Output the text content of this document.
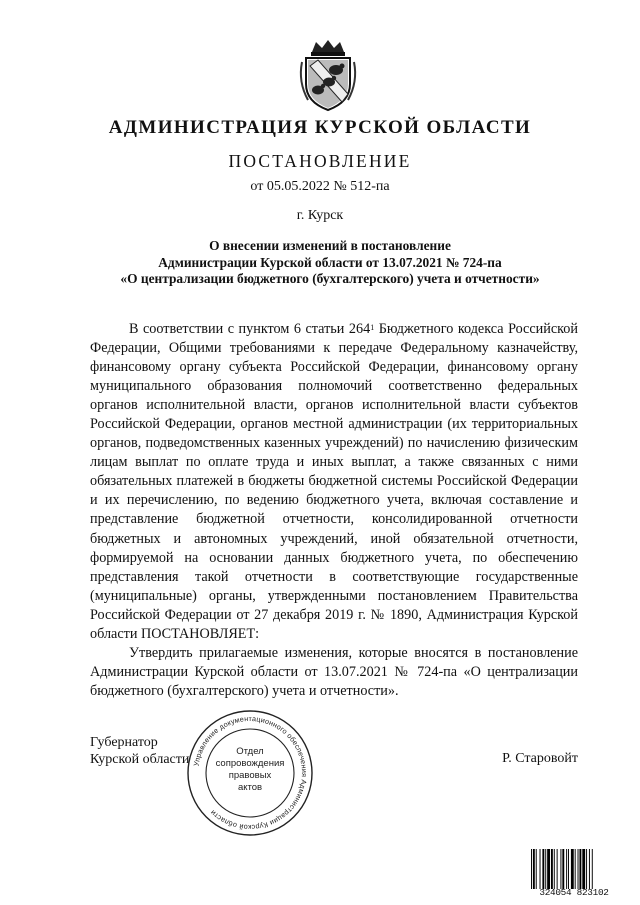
АДМИНИСТРАЦИЯ КУРСКОЙ ОБЛАСТИ
ПОСТАНОВЛЕНИЕ
от 05.05.2022 № 512-па
г. Курск
О внесении изменений в постановление
Администрации Курской области от 13.07.2021 № 724-па
«О централизации бюджетного (бухгалтерского) учета и отчетности»

В соответствии с пунктом 6 статьи $264^1$ Бюджетного кодекса Российской Федерации, Общими требованиями к передаче Федеральному казначейству, финансовому органу субъекта Российской Федерации, финансовому органу муниципального образования полномочий соответственно федеральных органов исполнительной власти, органов исполнительной власти субъектов Российской Федерации, органов местной администрации (их территориальных органов, подведомственных казенных учреждений) по начислению физическим лицам выплат по оплате труда и иных выплат, а также связанных с ними обязательных платежей в бюджеты бюджетной системы Российской Федерации и их перечислению, по ведению бюджетного учета, включая составление и представление бюджетной отчетности, консолидированной отчетности бюджетных и автономных учреждений, иной обязательной отчетности, формируемой на основании данных бюджетного учета, по обеспечению представления такой отчетности в соответствующие государственные (муниципальные) органы, утвержденными постановлением Правительства Российской Федерации от 27 декабря 2019 г. № 1890, Администрация Курской области ПОСТАНОВЛЯЕТ:

Утвердить прилагаемые изменения, которые вносятся в постановление Администрации Курской области от 13.07.2021 № 724-па «О централизации бюджетного (бухгалтерского) учета и отчетности».

Губернатор
Курской области	Р. Старовойт
Управление документационного обеспечения Администрации Курской области
Отдел
сопровождения
правовых
актов
324054 823102
